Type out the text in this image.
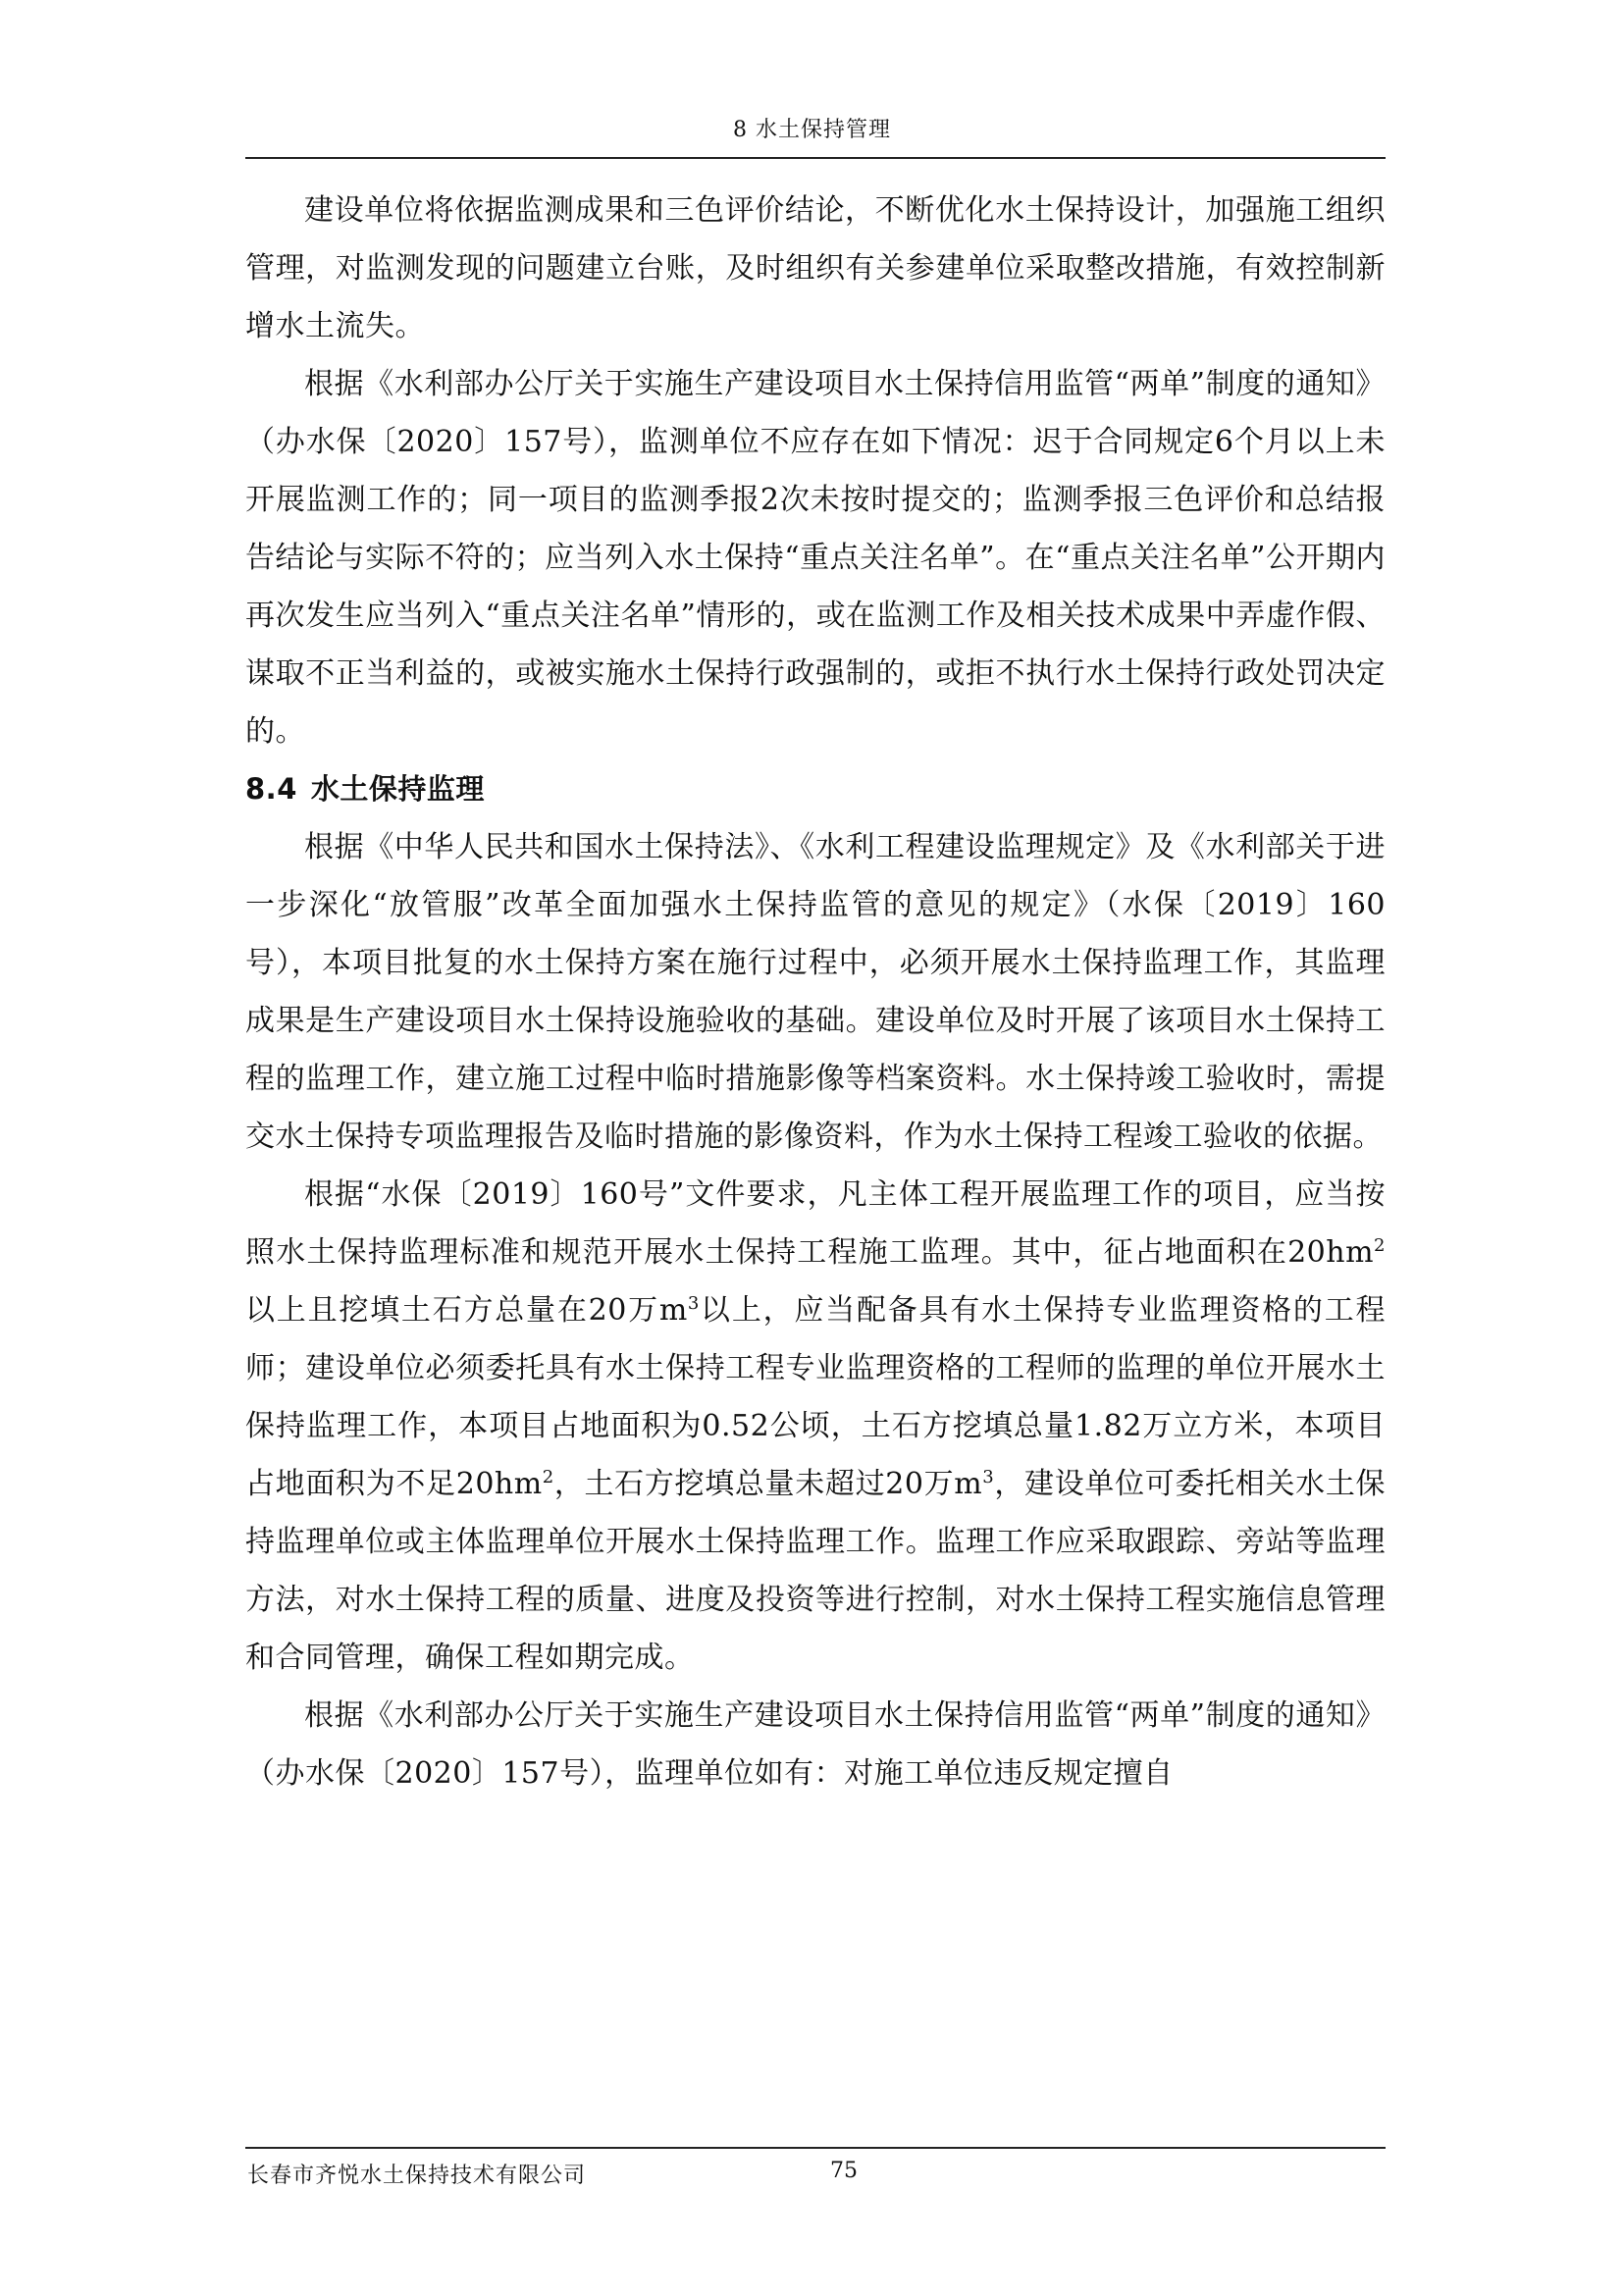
8 水土保持管理

建设单位将依据监测成果和三色评价结论，不断优化水土保持设计，加强施工组织管理，对监测发现的问题建立台账，及时组织有关参建单位采取整改措施，有效控制新增水土流失。

根据《水利部办公厅关于实施生产建设项目水土保持信用监管“两单”制度的通知》（办水保〔2020〕157号），监测单位不应存在如下情况：迟于合同规定6个月以上未开展监测工作的；同一项目的监测季报2次未按时提交的；监测季报三色评价和总结报告结论与实际不符的；应当列入水土保持“重点关注名单”。在“重点关注名单”公开期内再次发生应当列入“重点关注名单”情形的，或在监测工作及相关技术成果中弄虚作假、谋取不正当利益的，或被实施水土保持行政强制的，或拒不执行水土保持行政处罚决定的。

8.4 水土保持监理

根据《中华人民共和国水土保持法》、《水利工程建设监理规定》及《水利部关于进一步深化“放管服”改革全面加强水土保持监管的意见的规定》（水保〔2019〕160号），本项目批复的水土保持方案在施行过程中，必须开展水土保持监理工作，其监理成果是生产建设项目水土保持设施验收的基础。建设单位及时开展了该项目水土保持工程的监理工作，建立施工过程中临时措施影像等档案资料。水土保持竣工验收时，需提交水土保持专项监理报告及临时措施的影像资料，作为水土保持工程竣工验收的依据。

根据“水保〔2019〕160号”文件要求，凡主体工程开展监理工作的项目，应当按照水土保持监理标准和规范开展水土保持工程施工监理。其中，征占地面积在$20hm^2$以上且挖填土石方总量在20万$m^3$以上，应当配备具有水土保持专业监理资格的工程师；建设单位必须委托具有水土保持工程专业监理资格的工程师的监理的单位开展水土保持监理工作，本项目占地面积为0.52公顷，土石方挖填总量1.82万立方米，本项目占地面积为不足$20hm^2$，土石方挖填总量未超过20万$m^3$，建设单位可委托相关水土保持监理单位或主体监理单位开展水土保持监理工作。监理工作应采取跟踪、旁站等监理方法，对水土保持工程的质量、进度及投资等进行控制，对水土保持工程实施信息管理和合同管理，确保工程如期完成。

根据《水利部办公厅关于实施生产建设项目水土保持信用监管“两单”制度的通知》（办水保〔2020〕157号），监理单位如有：对施工单位违反规定擅自

长春市齐悦水土保持技术有限公司	75
